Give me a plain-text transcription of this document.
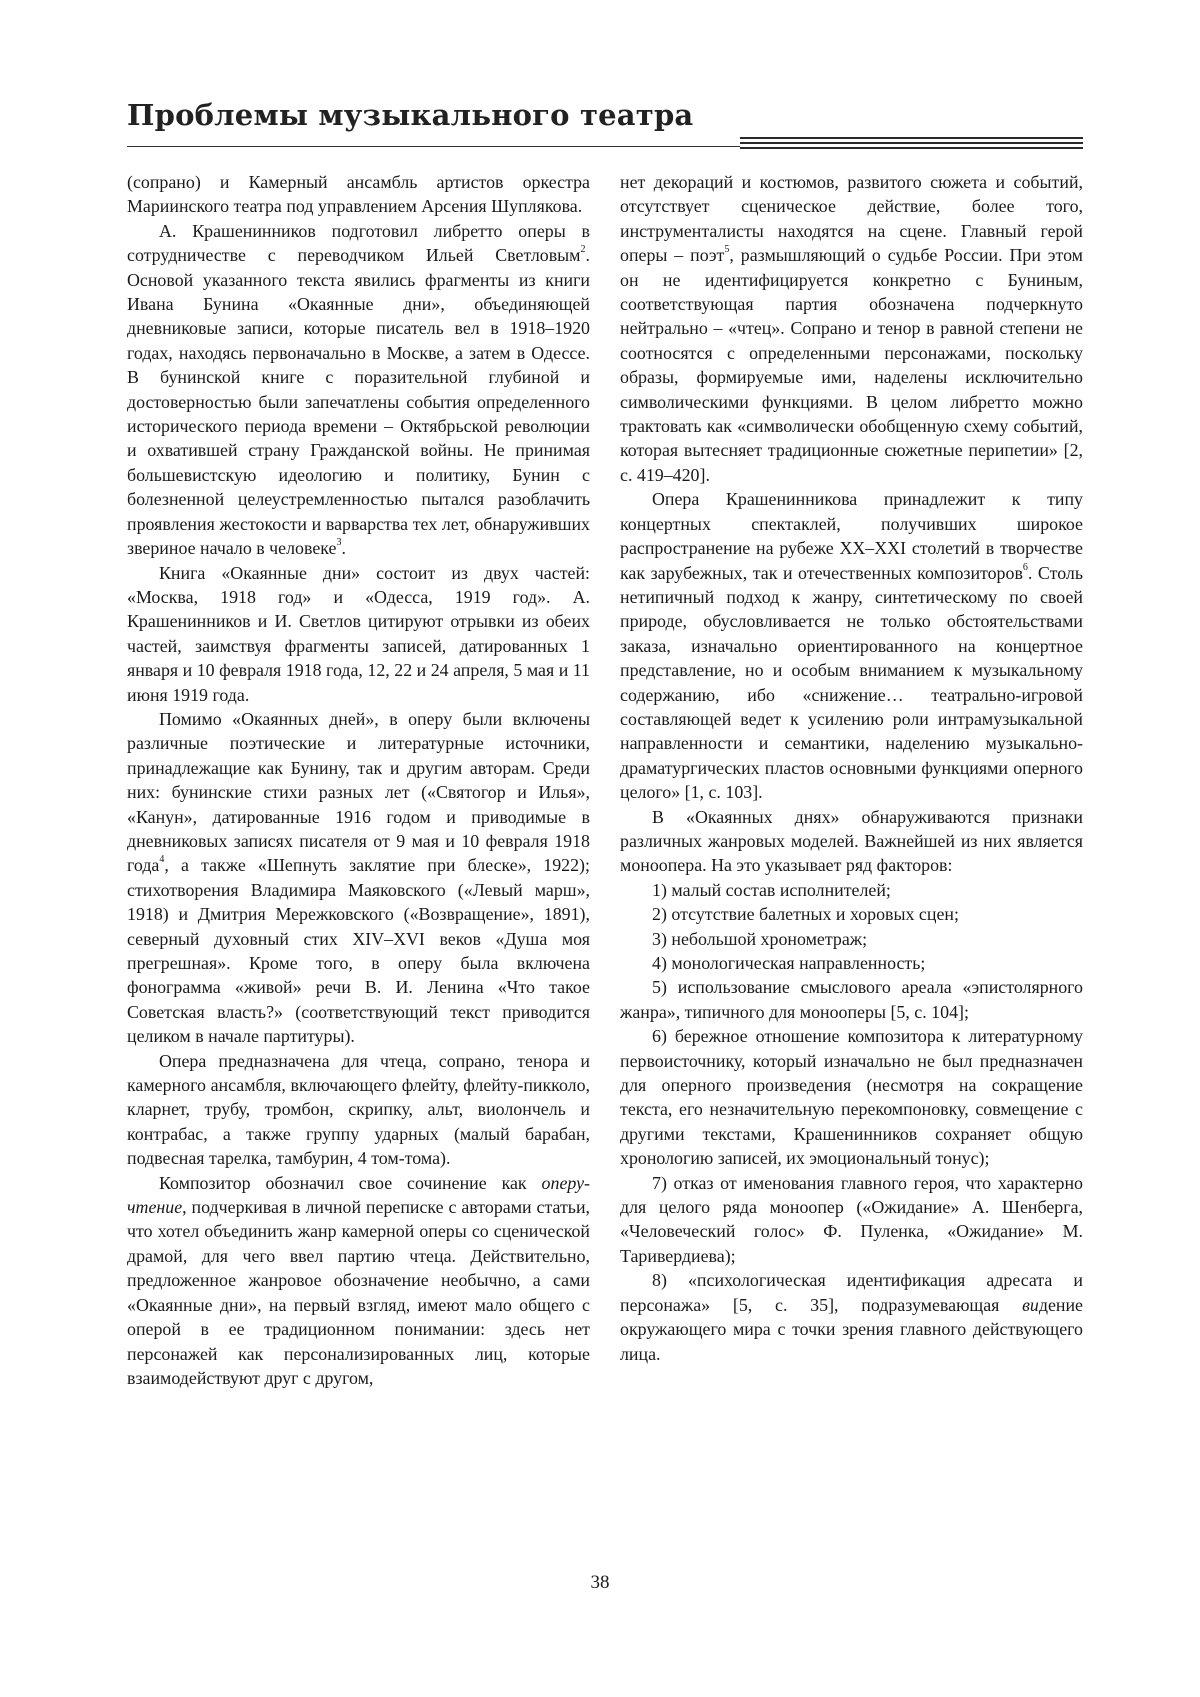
Проблемы музыкального театра

(сопрано) и Камерный ансамбль артистов оркестра Мариинского театра под управлением Арсения Шуплякова.

А. Крашенинников подготовил либретто оперы в сотрудничестве с переводчиком Ильей Светловым$^2$. Основой указанного текста явились фрагменты из книги Ивана Бунина «Окаянные дни», объединяющей дневниковые записи, которые писатель вел в 1918–1920 годах, находясь первоначально в Москве, а затем в Одессе. В бунинской книге с поразительной глубиной и достоверностью были запечатлены события определенного исторического периода времени – Октябрьской революции и охватившей страну Гражданской войны. Не принимая большевистскую идеологию и политику, Бунин с болезненной целеустремленностью пытался разоблачить проявления жестокости и варварства тех лет, обнаруживших звериное начало в человеке$^3$.

Книга «Окаянные дни» состоит из двух частей: «Москва, 1918 год» и «Одесса, 1919 год». А. Крашенинников и И. Светлов цитируют отрывки из обеих частей, заимствуя фрагменты записей, датированных 1 января и 10 февраля 1918 года, 12, 22 и 24 апреля, 5 мая и 11 июня 1919 года.

Помимо «Окаянных дней», в оперу были включены различные поэтические и литературные источники, принадлежащие как Бунину, так и другим авторам. Среди них: бунинские стихи разных лет («Святогор и Илья», «Канун», датированные 1916 годом и приводимые в дневниковых записях писателя от 9 мая и 10 февраля 1918 года$^4$, а также «Шепнуть заклятие при блеске», 1922); стихотворения Владимира Маяковского («Левый марш», 1918) и Дмитрия Мережковского («Возвращение», 1891), северный духовный стих XIV–XVI веков «Душа моя прегрешная». Кроме того, в оперу была включена фонограмма «живой» речи В. И. Ленина «Что такое Советская власть?» (соответствующий текст приводится целиком в начале партитуры).

Опера предназначена для чтеца, сопрано, тенора и камерного ансамбля, включающего флейту, флейту-пикколо, кларнет, трубу, тромбон, скрипку, альт, виолончель и контрабас, а также группу ударных (малый барабан, подвесная тарелка, тамбурин, 4 том-тома).

Композитор обозначил свое сочинение как оперу-чтение, подчеркивая в личной переписке с авторами статьи, что хотел объединить жанр камерной оперы со сценической драмой, для чего ввел партию чтеца. Действительно, предложенное жанровое обозначение необычно, а сами «Окаянные дни», на первый взгляд, имеют мало общего с оперой в ее традиционном понимании: здесь нет персонажей как персонализированных лиц, которые взаимодействуют друг с другом,

нет декораций и костюмов, развитого сюжета и событий, отсутствует сценическое действие, более того, инструменталисты находятся на сцене. Главный герой оперы – поэт$^5$, размышляющий о судьбе России. При этом он не идентифицируется конкретно с Буниным, соответствующая партия обозначена подчеркнуто нейтрально – «чтец». Сопрано и тенор в равной степени не соотносятся с определенными персонажами, поскольку образы, формируемые ими, наделены исключительно символическими функциями. В целом либретто можно трактовать как «символически обобщенную схему событий, которая вытесняет традиционные сюжетные перипетии» [2, с. 419–420].

Опера Крашенинникова принадлежит к типу концертных спектаклей, получивших широкое распространение на рубеже XX–XXI столетий в творчестве как зарубежных, так и отечественных композиторов$^6$. Столь нетипичный подход к жанру, синтетическому по своей природе, обусловливается не только обстоятельствами заказа, изначально ориентированного на концертное представление, но и особым вниманием к музыкальному содержанию, ибо «снижение… театрально-игровой составляющей ведет к усилению роли интрамузыкальной направленности и семантики, наделению музыкально-драматургических пластов основными функциями оперного целого» [1, с. 103].

В «Окаянных днях» обнаруживаются признаки различных жанровых моделей. Важнейшей из них является моноопера. На это указывает ряд факторов:

1) малый состав исполнителей;

2) отсутствие балетных и хоровых сцен;

3) небольшой хронометраж;

4) монологическая направленность;

5) использование смыслового ареала «эпистолярного жанра», типичного для монооперы [5, с. 104];

6) бережное отношение композитора к литературному первоисточнику, который изначально не был предназначен для оперного произведения (несмотря на сокращение текста, его незначительную перекомпоновку, совмещение с другими текстами, Крашенинников сохраняет общую хронологию записей, их эмоциональный тонус);

7) отказ от именования главного героя, что характерно для целого ряда моноопер («Ожидание» А. Шенберга, «Человеческий голос» Ф. Пуленка, «Ожидание» М. Таривердиева);

8) «психологическая идентификация адресата и персонажа» [5, с. 35], подразумевающая видение окружающего мира с точки зрения главного действующего лица.

38
